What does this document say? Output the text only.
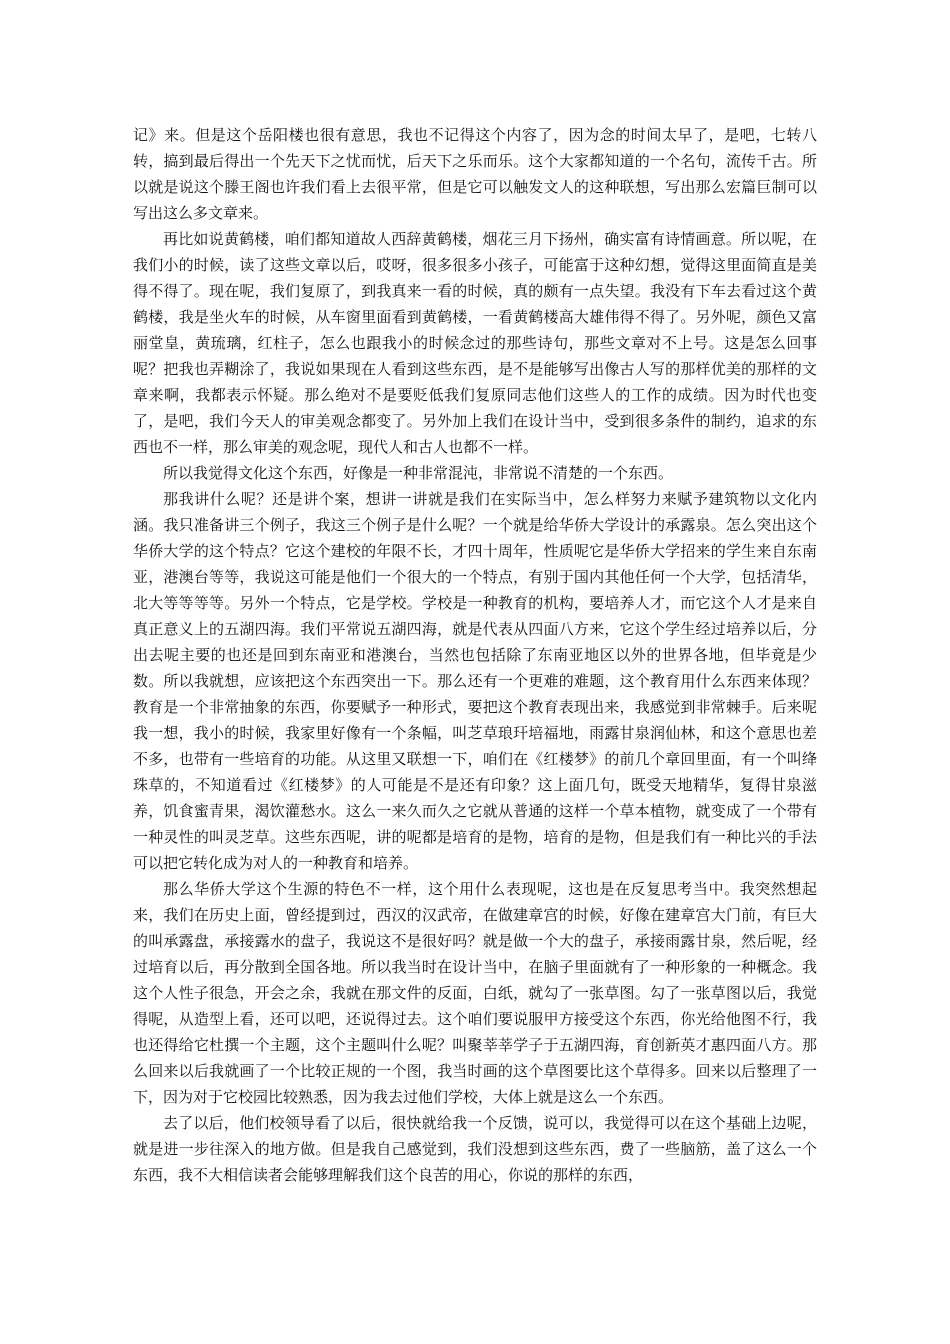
记》来。但是这个岳阳楼也很有意思，我也不记得这个内容了，因为念的时间太早了，是吧，七转八转，搞到最后得出一个先天下之忧而忧，后天下之乐而乐。这个大家都知道的一个名句，流传千古。所以就是说这个滕王阁也许我们看上去很平常，但是它可以触发文人的这种联想，写出那么宏篇巨制可以写出这么多文章来。

再比如说黄鹤楼，咱们都知道故人西辞黄鹤楼，烟花三月下扬州，确实富有诗情画意。所以呢，在我们小的时候，读了这些文章以后，哎呀，很多很多小孩子，可能富于这种幻想，觉得这里面简直是美得不得了。现在呢，我们复原了，到我真来一看的时候，真的颇有一点失望。我没有下车去看过这个黄鹤楼，我是坐火车的时候，从车窗里面看到黄鹤楼，一看黄鹤楼高大雄伟得不得了。另外呢，颜色又富丽堂皇，黄琉璃，红柱子，怎么也跟我小的时候念过的那些诗句，那些文章对不上号。这是怎么回事呢？把我也弄糊涂了，我说如果现在人看到这些东西，是不是能够写出像古人写的那样优美的那样的文章来啊，我都表示怀疑。那么绝对不是要贬低我们复原同志他们这些人的工作的成绩。因为时代也变了，是吧，我们今天人的审美观念都变了。另外加上我们在设计当中，受到很多条件的制约，追求的东西也不一样，那么审美的观念呢，现代人和古人也都不一样。

所以我觉得文化这个东西，好像是一种非常混沌，非常说不清楚的一个东西。

那我讲什么呢？还是讲个案，想讲一讲就是我们在实际当中，怎么样努力来赋予建筑物以文化内涵。我只准备讲三个例子，我这三个例子是什么呢？一个就是给华侨大学设计的承露泉。怎么突出这个华侨大学的这个特点？它这个建校的年限不长，才四十周年，性质呢它是华侨大学招来的学生来自东南亚，港澳台等等，我说这可能是他们一个很大的一个特点，有别于国内其他任何一个大学，包括清华，北大等等等等。另外一个特点，它是学校。学校是一种教育的机构，要培养人才，而它这个人才是来自真正意义上的五湖四海。我们平常说五湖四海，就是代表从四面八方来，它这个学生经过培养以后，分出去呢主要的也还是回到东南亚和港澳台，当然也包括除了东南亚地区以外的世界各地，但毕竟是少数。所以我就想，应该把这个东西突出一下。那么还有一个更难的难题，这个教育用什么东西来体现？教育是一个非常抽象的东西，你要赋予一种形式，要把这个教育表现出来，我感觉到非常棘手。后来呢我一想，我小的时候，我家里好像有一个条幅，叫芝草琅玕培福地，雨露甘泉润仙林，和这个意思也差不多，也带有一些培育的功能。从这里又联想一下，咱们在《红楼梦》的前几个章回里面，有一个叫绛珠草的，不知道看过《红楼梦》的人可能是不是还有印象？这上面几句，既受天地精华，复得甘泉滋养，饥食蜜青果，渴饮灌愁水。这么一来久而久之它就从普通的这样一个草本植物，就变成了一个带有一种灵性的叫灵芝草。这些东西呢，讲的呢都是培育的是物，培育的是物，但是我们有一种比兴的手法可以把它转化成为对人的一种教育和培养。

那么华侨大学这个生源的特色不一样，这个用什么表现呢，这也是在反复思考当中。我突然想起来，我们在历史上面，曾经提到过，西汉的汉武帝，在做建章宫的时候，好像在建章宫大门前，有巨大的叫承露盘，承接露水的盘子，我说这不是很好吗？就是做一个大的盘子，承接雨露甘泉，然后呢，经过培育以后，再分散到全国各地。所以我当时在设计当中，在脑子里面就有了一种形象的一种概念。我这个人性子很急，开会之余，我就在那文件的反面，白纸，就勾了一张草图。勾了一张草图以后，我觉得呢，从造型上看，还可以吧，还说得过去。这个咱们要说服甲方接受这个东西，你光给他图不行，我也还得给它杜撰一个主题，这个主题叫什么呢？叫聚莘莘学子于五湖四海，育创新英才惠四面八方。那么回来以后我就画了一个比较正规的一个图，我当时画的这个草图要比这个草得多。回来以后整理了一下，因为对于它校园比较熟悉，因为我去过他们学校，大体上就是这么一个东西。

去了以后，他们校领导看了以后，很快就给我一个反馈，说可以，我觉得可以在这个基础上边呢，就是进一步往深入的地方做。但是我自己感觉到，我们没想到这些东西，费了一些脑筋，盖了这么一个东西，我不大相信读者会能够理解我们这个良苦的用心，你说的那样的东西，
